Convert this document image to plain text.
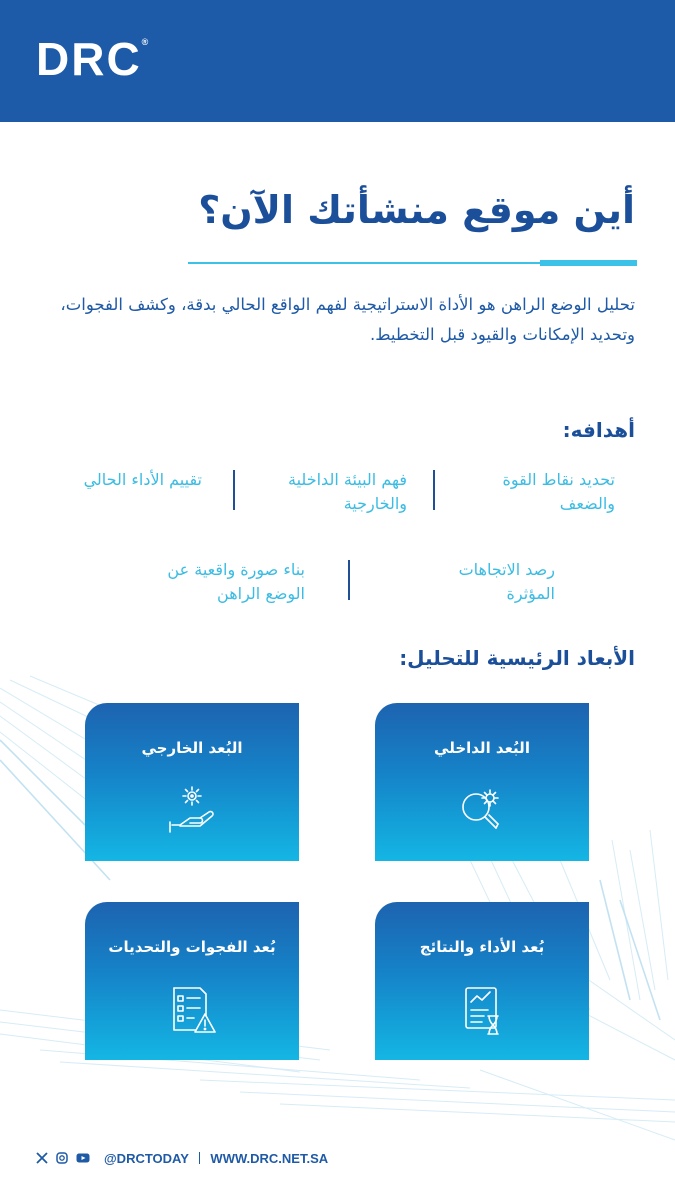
DRC®
أين موقع منشأتك الآن؟
تحليل الوضع الراهن هو الأداة الاستراتيجية لفهم الواقع الحالي بدقة، وكشف الفجوات، وتحديد الإمكانات والقيود قبل التخطيط.
أهدافه:
تحديد نقاط القوة والضعف
فهم البيئة الداخلية والخارجية
تقييم الأداء الحالي
رصد الاتجاهات المؤثرة
بناء صورة واقعية عن الوضع الراهن
الأبعاد الرئيسية للتحليل:
البُعد الداخلي
البُعد الخارجي
بُعد الأداء والنتائج
بُعد الفجوات والتحديات
@DRCTODAY WWW.DRC.NET.SA
